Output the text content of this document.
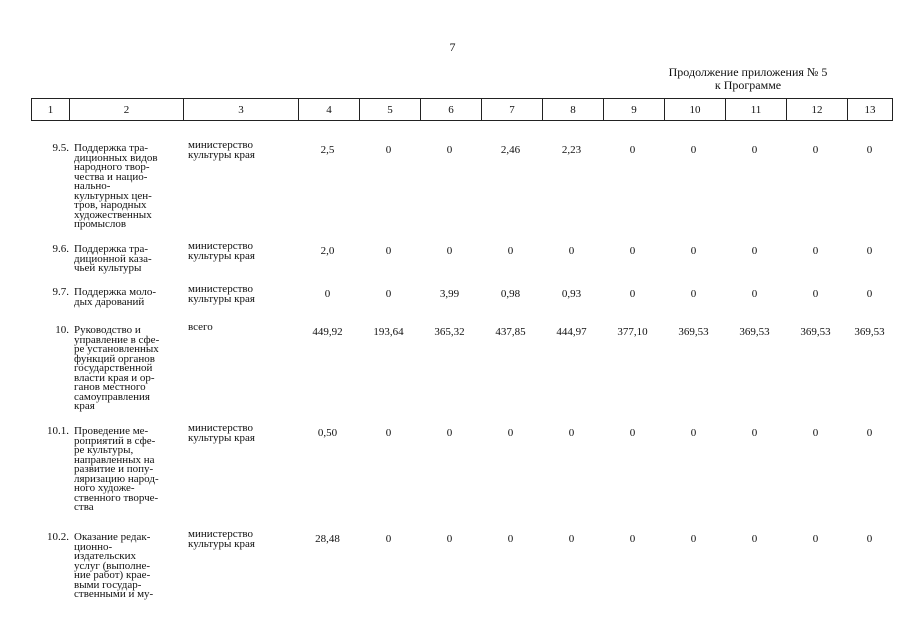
7
Продолжение приложения № 5
к Программе
1	2	3	4	5	6	7	8	9	10	11	12	13
9.5. Поддержка тра-
диционных видов
народного твор-
чества и нацио-
нально-
культурных цен-
тров, народных
художественных
промыслов
министерство
культуры края	2,5	0	0	2,46	2,23	0	0	0	0	0
9.6. Поддержка тра-
диционной каза-
чьей культуры
министерство
культуры края	2,0	0	0	0	0	0	0	0	0	0
9.7. Поддержка моло-
дых дарований
министерство
культуры края	0	0	3,99	0,98	0,93	0	0	0	0	0
10. Руководство и
управление в сфе-
ре установленных
функций органов
государственной
власти края и ор-
ганов местного
самоуправления
края
всего	449,92	193,64	365,32	437,85	444,97	377,10	369,53	369,53	369,53	369,53
10.1. Проведение ме-
роприятий в сфе-
ре культуры,
направленных на
развитие и попу-
ляризацию народ-
ного художе-
ственного творче-
ства
министерство
культуры края	0,50	0	0	0	0	0	0	0	0	0
10.2. Оказание редак-
ционно-
издательских
услуг (выполне-
ние работ) крае-
выми государ-
ственными и му-
министерство
культуры края	28,48	0	0	0	0	0	0	0	0	0
